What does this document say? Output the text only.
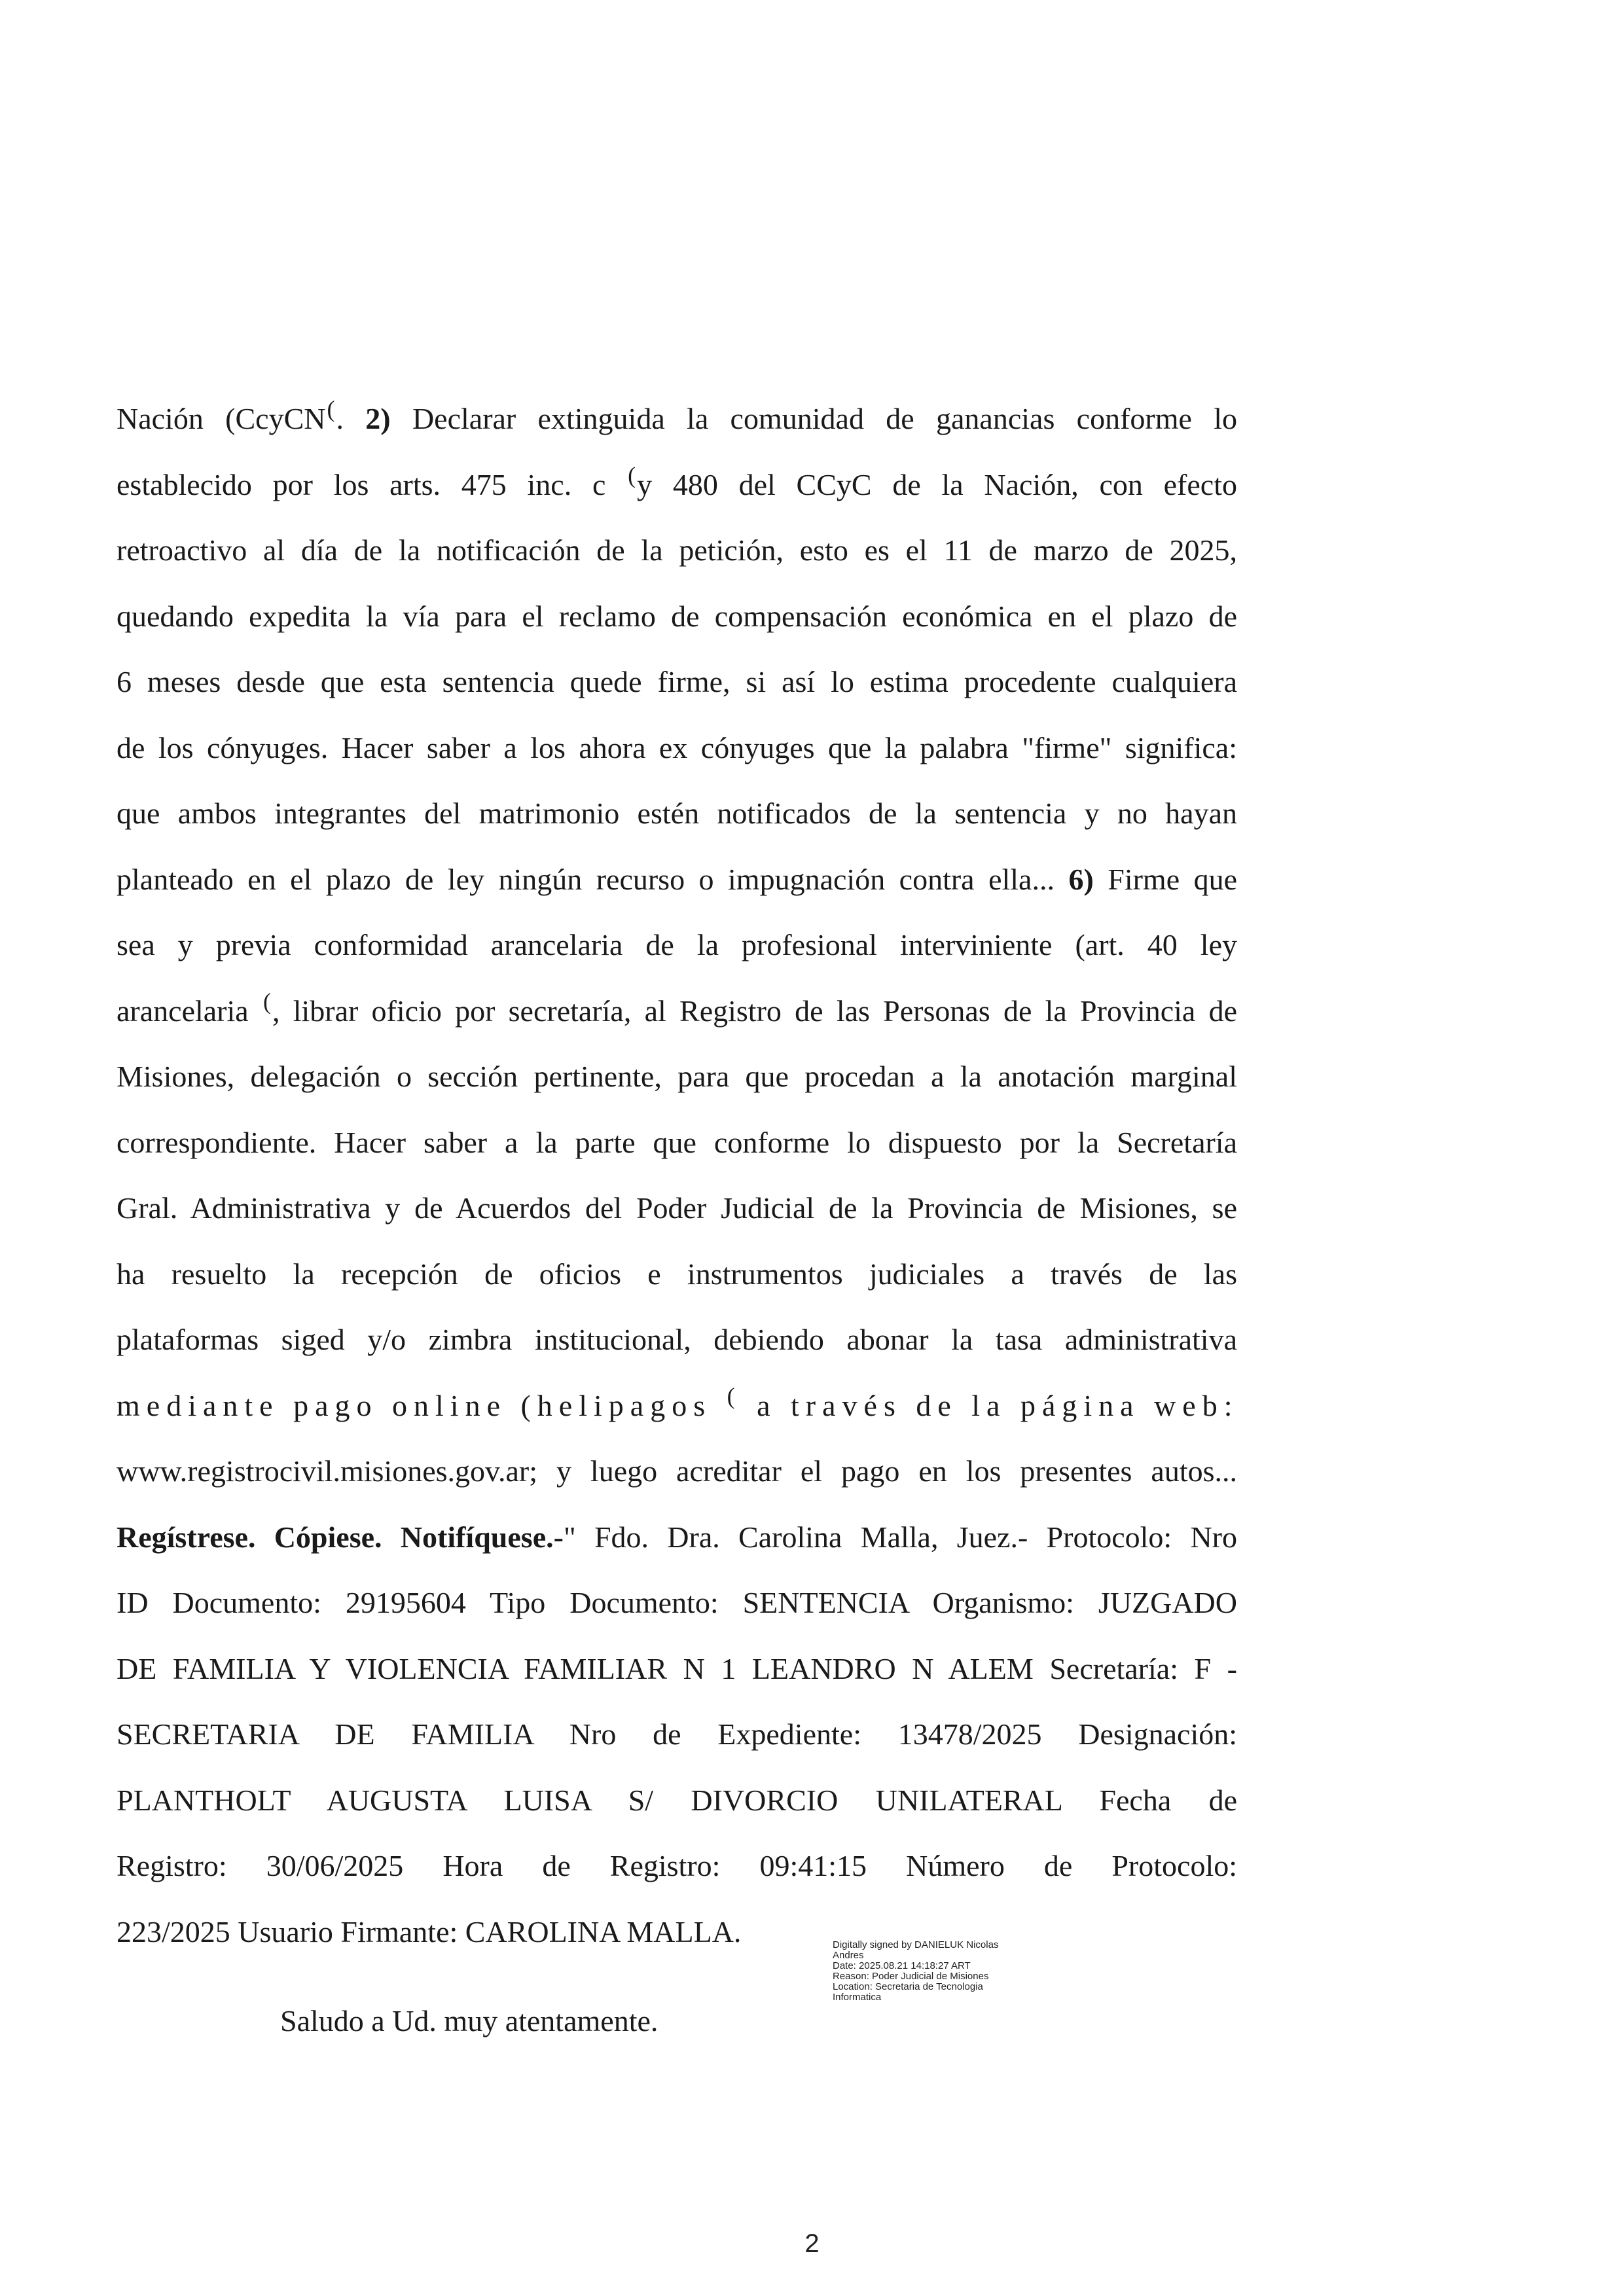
Nación (CcyCN(. 2) Declarar extinguida la comunidad de ganancias conforme lo
establecido por los arts. 475 inc. c (y 480 del CCyC de la Nación, con efecto
retroactivo al día de la notificación de la petición, esto es el 11 de marzo de 2025,
quedando expedita la vía para el reclamo de compensación económica en el plazo de
6 meses desde que esta sentencia quede firme, si así lo estima procedente cualquiera
de los cónyuges. Hacer saber a los ahora ex cónyuges que la palabra "firme" significa:
que ambos integrantes del matrimonio estén notificados de la sentencia y no hayan
planteado en el plazo de ley ningún recurso o impugnación contra ella... 6) Firme que
sea y previa conformidad arancelaria de la profesional interviniente (art. 40 ley
arancelaria (, librar oficio por secretaría, al Registro de las Personas de la Provincia de
Misiones, delegación o sección pertinente, para que procedan a la anotación marginal
correspondiente. Hacer saber a la parte que conforme lo dispuesto por la Secretaría
Gral. Administrativa y de Acuerdos del Poder Judicial de la Provincia de Misiones, se
ha resuelto la recepción de oficios e instrumentos judiciales a través de las
plataformas siged y/o zimbra institucional, debiendo abonar la tasa administrativa
mediante pago online (helipagos ( a través de la página web:
www.registrocivil.misiones.gov.ar; y luego acreditar el pago en los presentes autos...
Regístrese. Cópiese. Notifíquese.-" Fdo. Dra. Carolina Malla, Juez.- Protocolo: Nro
ID Documento: 29195604 Tipo Documento: SENTENCIA Organismo: JUZGADO
DE FAMILIA Y VIOLENCIA FAMILIAR N 1 LEANDRO N ALEM Secretaría: F -
SECRETARIA DE FAMILIA Nro de Expediente: 13478/2025 Designación:
PLANTHOLT AUGUSTA LUISA S/ DIVORCIO UNILATERAL Fecha de
Registro: 30/06/2025 Hora de Registro: 09:41:15 Número de Protocolo:
223/2025 Usuario Firmante: CAROLINA MALLA.	Digitally signed by DANIELUK Nicolas
Andres
Date: 2025.08.21 14:18:27 ART
Reason: Poder Judicial de Misiones
Location: Secretaria de Tecnologia
Informatica
Saludo a Ud. muy atentamente.
2
